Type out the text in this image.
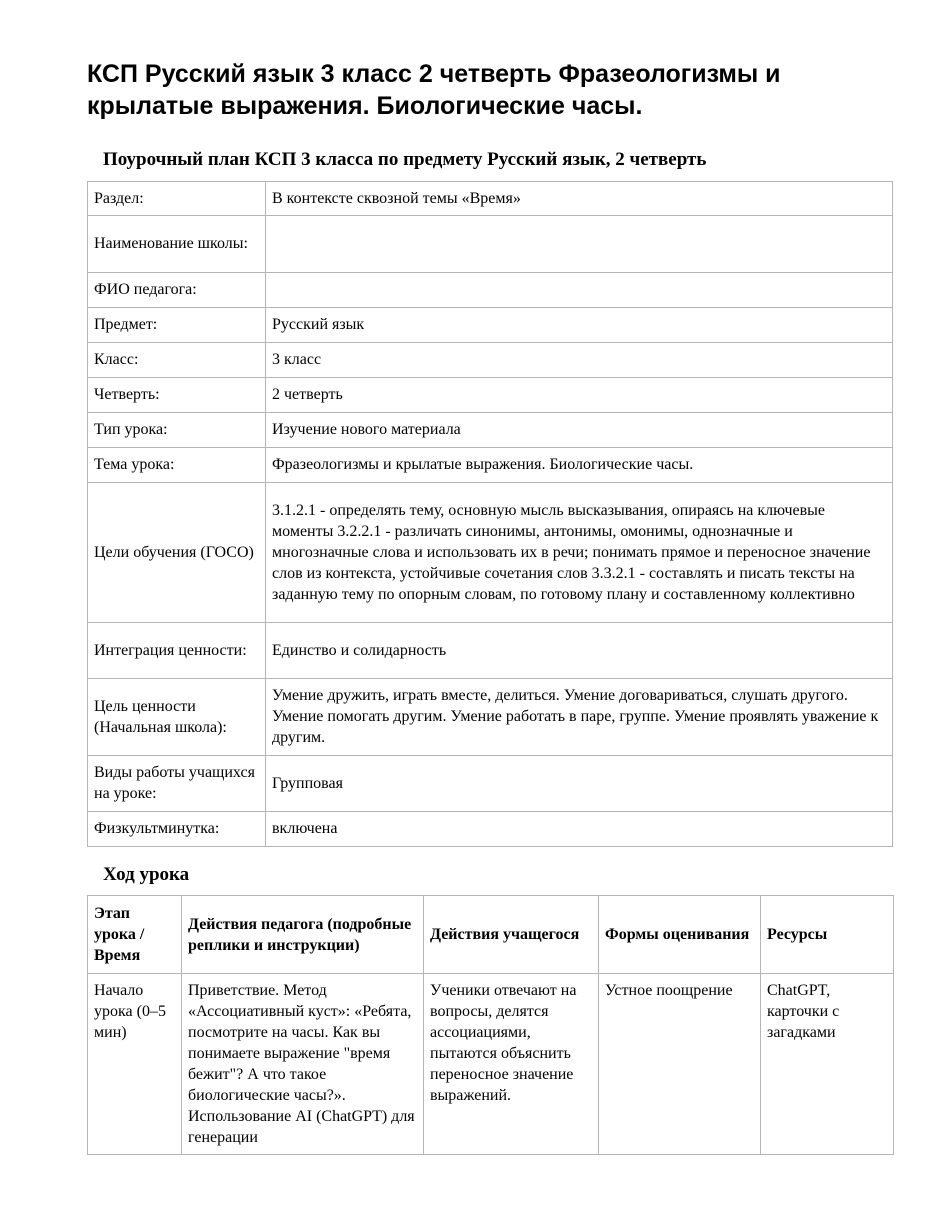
КСП Русский язык 3 класс 2 четверть Фразеологизмы и крылатые выражения. Биологические часы.
Поурочный план КСП 3 класса по предмету Русский язык, 2 четверть
Раздел:	В контексте сквозной темы «Время»
Наименование школы:	
ФИО педагога:	
Предмет:	Русский язык
Класс:	3 класс
Четверть:	2 четверть
Тип урока:	Изучение нового материала
Тема урока:	Фразеологизмы и крылатые выражения. Биологические часы.
Цели обучения (ГОСО)	3.1.2.1 - определять тему, основную мысль высказывания, опираясь на ключевые моменты 3.2.2.1 - различать синонимы, антонимы, омонимы, однозначные и многозначные слова и использовать их в речи; понимать прямое и переносное значение слов из контекста, устойчивые сочетания слов 3.3.2.1 - составлять и писать тексты на заданную тему по опорным словам, по готовому плану и составленному коллективно
Интеграция ценности:	Единство и солидарность
Цель ценности (Начальная школа):	Умение дружить, играть вместе, делиться. Умение договариваться, слушать другого. Умение помогать другим. Умение работать в паре, группе. Умение проявлять уважение к другим.
Виды работы учащихся на уроке:	Групповая
Физкультминутка:	включена
Ход урока
Этап урока / Время	Действия педагога (подробные реплики и инструкции)	Действия учащегося	Формы оценивания	Ресурсы
Начало урока (0–5 мин)	Приветствие. Метод «Ассоциативный куст»: «Ребята, посмотрите на часы. Как вы понимаете выражение "время бежит"? А что такое биологические часы?». Использование AI (ChatGPT) для генерации	Ученики отвечают на вопросы, делятся ассоциациями, пытаются объяснить переносное значение выражений.	Устное поощрение	ChatGPT, карточки с загадками
